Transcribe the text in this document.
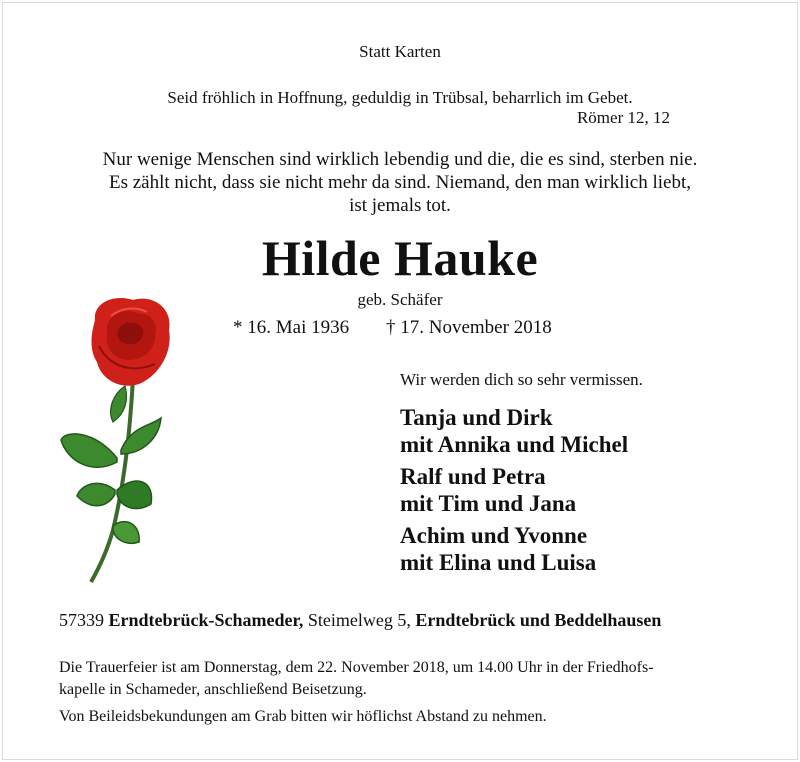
Statt Karten
Seid fröhlich in Hoffnung, geduldig in Trübsal, beharrlich im Gebet.
Römer 12, 12
Nur wenige Menschen sind wirklich lebendig und die, die es sind, sterben nie.
Es zählt nicht, dass sie nicht mehr da sind. Niemand, den man wirklich liebt,
ist jemals tot.
Hilde Hauke
geb. Schäfer
* 16. Mai 1936 † 17. November 2018
Wir werden dich so sehr vermissen.
Tanja und Dirk
mit Annika und Michel
Ralf und Petra
mit Tim und Jana
Achim und Yvonne
mit Elina und Luisa
57339 Erndtebrück-Schameder, Steimelweg 5, Erndtebrück und Beddelhausen
Die Trauerfeier ist am Donnerstag, dem 22. November 2018, um 14.00 Uhr in der Friedhofs-
kapelle in Schameder, anschließend Beisetzung.
Von Beileidsbekundungen am Grab bitten wir höflichst Abstand zu nehmen.
